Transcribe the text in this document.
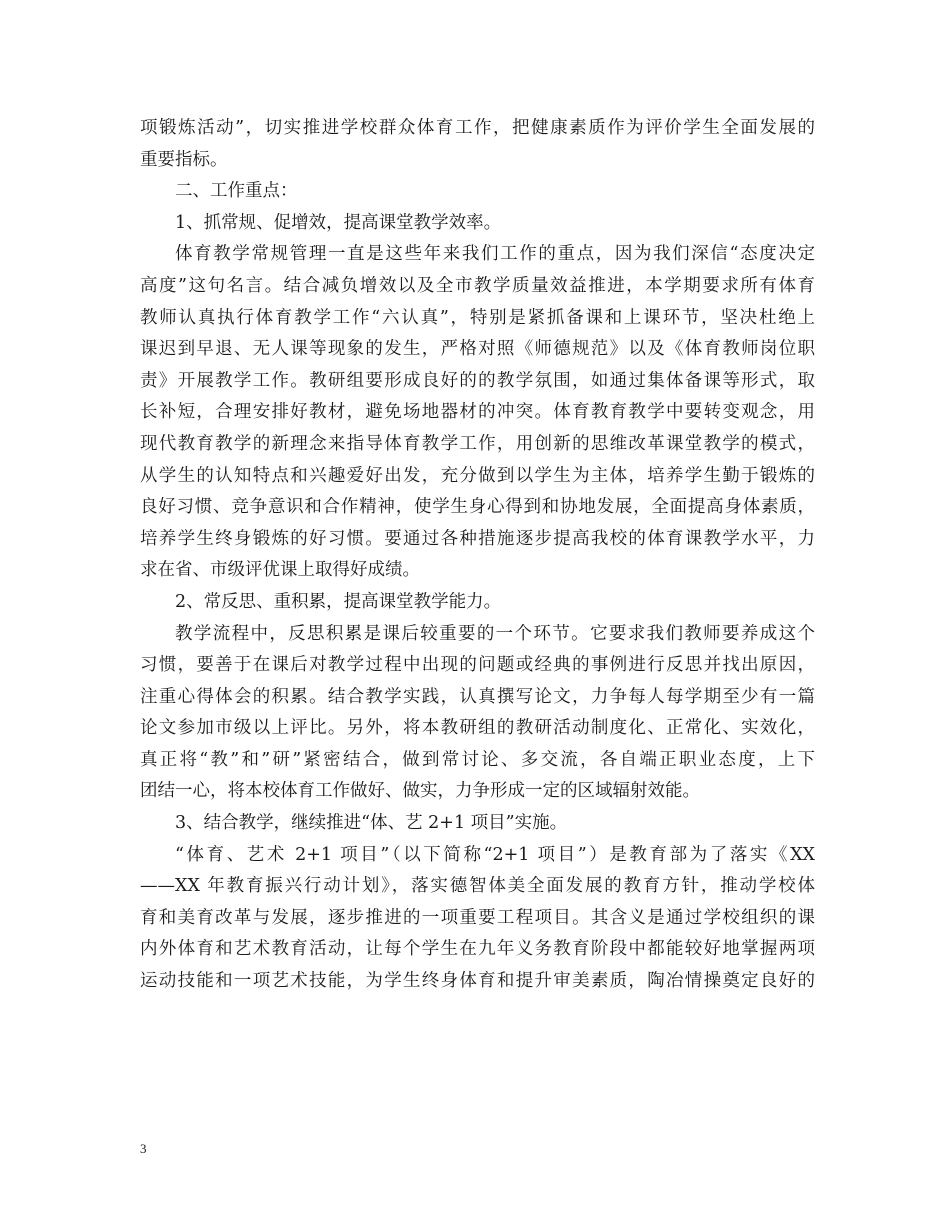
项锻炼活动”，切实推进学校群众体育工作，把健康素质作为评价学生全面发展的
重要指标。
二、工作重点：
1、抓常规、促增效，提高课堂教学效率。
体育教学常规管理一直是这些年来我们工作的重点，因为我们深信“态度决定
高度”这句名言。结合减负增效以及全市教学质量效益推进，本学期要求所有体育
教师认真执行体育教学工作“六认真”，特别是紧抓备课和上课环节，坚决杜绝上
课迟到早退、无人课等现象的发生，严格对照《师德规范》以及《体育教师岗位职
责》开展教学工作。教研组要形成良好的的教学氛围，如通过集体备课等形式，取
长补短，合理安排好教材，避免场地器材的冲突。体育教育教学中要转变观念，用
现代教育教学的新理念来指导体育教学工作，用创新的思维改革课堂教学的模式，
从学生的认知特点和兴趣爱好出发，充分做到以学生为主体，培养学生勤于锻炼的
良好习惯、竞争意识和合作精神，使学生身心得到和协地发展，全面提高身体素质，
培养学生终身锻炼的好习惯。要通过各种措施逐步提高我校的体育课教学水平，力
求在省、市级评优课上取得好成绩。
2、常反思、重积累，提高课堂教学能力。
教学流程中，反思积累是课后较重要的一个环节。它要求我们教师要养成这个
习惯，要善于在课后对教学过程中出现的问题或经典的事例进行反思并找出原因，
注重心得体会的积累。结合教学实践，认真撰写论文，力争每人每学期至少有一篇
论文参加市级以上评比。另外，将本教研组的教研活动制度化、正常化、实效化，
真正将“教”和”研”紧密结合，做到常讨论、多交流，各自端正职业态度，上下
团结一心，将本校体育工作做好、做实，力争形成一定的区域辐射效能。
3、结合教学，继续推进“体、艺 2+1 项目”实施。
“体育、艺术 2+1 项目”（以下简称“2+1 项目”）是教育部为了落实《XX
——XX 年教育振兴行动计划》，落实德智体美全面发展的教育方针，推动学校体
育和美育改革与发展，逐步推进的一项重要工程项目。其含义是通过学校组织的课
内外体育和艺术教育活动，让每个学生在九年义务教育阶段中都能较好地掌握两项
运动技能和一项艺术技能，为学生终身体育和提升审美素质，陶冶情操奠定良好的
3
